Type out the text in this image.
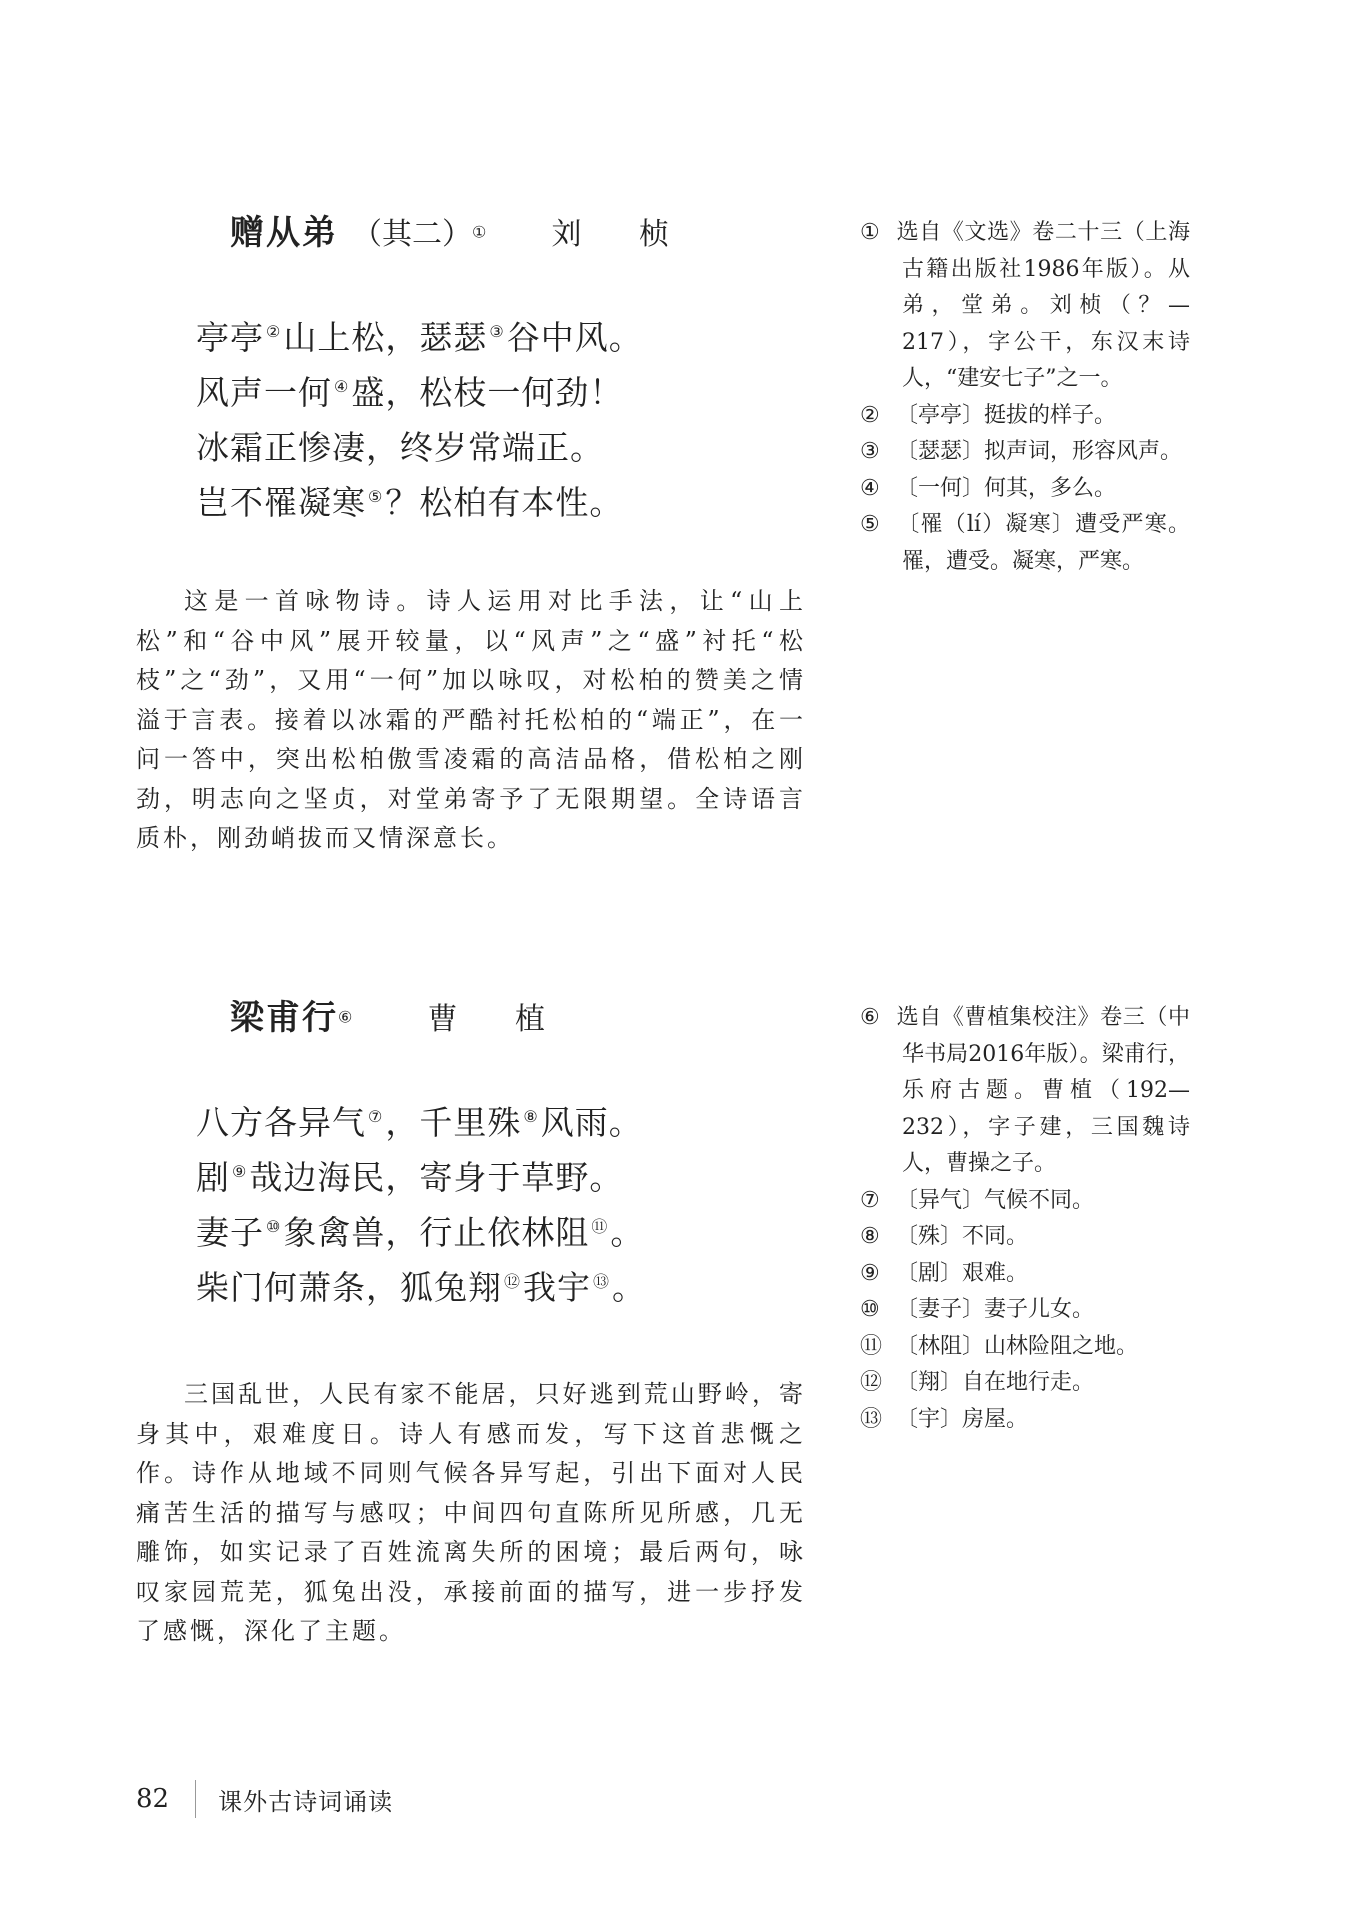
赠从弟 （其二）① 刘 桢
亭亭 ②山上松，瑟瑟 ③谷中风。
风声一何 ④盛，松枝一何劲！
冰霜正惨凄，终岁常端正。
岂不罹凝寒 ⑤？松柏有本性。

这是一首咏物诗。诗人运用对比手法，让“山上松”和“谷中风”展开较量，以“风声”之“盛”衬托“松枝”之“劲”，又用“一何”加以咏叹，对松柏的赞美之情溢于言表。接着以冰霜的严酷衬托松柏的“端正”，在一问一答中，突出松柏傲雪凌霜的高洁品格，借松柏之刚劲，明志向之坚贞，对堂弟寄予了无限期望。全诗语言质朴，刚劲峭拔而又情深意长。

① 选自《文选》卷二十三（上海古籍出版社1986年版）。从弟，堂弟。刘桢（？—217），字公干，东汉末诗人，“建安七子”之一。

② 〔亭亭〕挺拔的样子。

③ 〔瑟瑟〕拟声词，形容风声。

④ 〔一何〕何其，多么。

⑤ 〔罹（lí）凝寒〕遭受严寒。罹，遭受。凝寒，严寒。

梁甫行⑥	曹 植
八方各异气 ⑦，千里殊 ⑧风雨。
剧 ⑨哉边海民，寄身于草野。
妻子 ⑩象禽兽，行止依林阻 ⑪。
柴门何萧条，狐兔翔 ⑫我宇 ⑬。

三国乱世，人民有家不能居，只好逃到荒山野岭，寄身其中，艰难度日。诗人有感而发，写下这首悲慨之作。诗作从地域不同则气候各异写起，引出下面对人民痛苦生活的描写与感叹；中间四句直陈所见所感，几无雕饰，如实记录了百姓流离失所的困境；最后两句，咏叹家园荒芜，狐兔出没，承接前面的描写，进一步抒发了感慨，深化了主题。

⑥ 选自《曹植集校注》卷三（中华书局2016年版）。梁甫行，乐府古题。曹植（192—232），字子建，三国魏诗人，曹操之子。

⑦ 〔异气〕气候不同。

⑧ 〔殊〕不同。

⑨ 〔剧〕艰难。

⑩ 〔妻子〕妻子儿女。

⑪ 〔林阻〕山林险阻之地。

⑫ 〔翔〕自在地行走。

⑬ 〔宇〕房屋。

82 课外古诗词诵读
